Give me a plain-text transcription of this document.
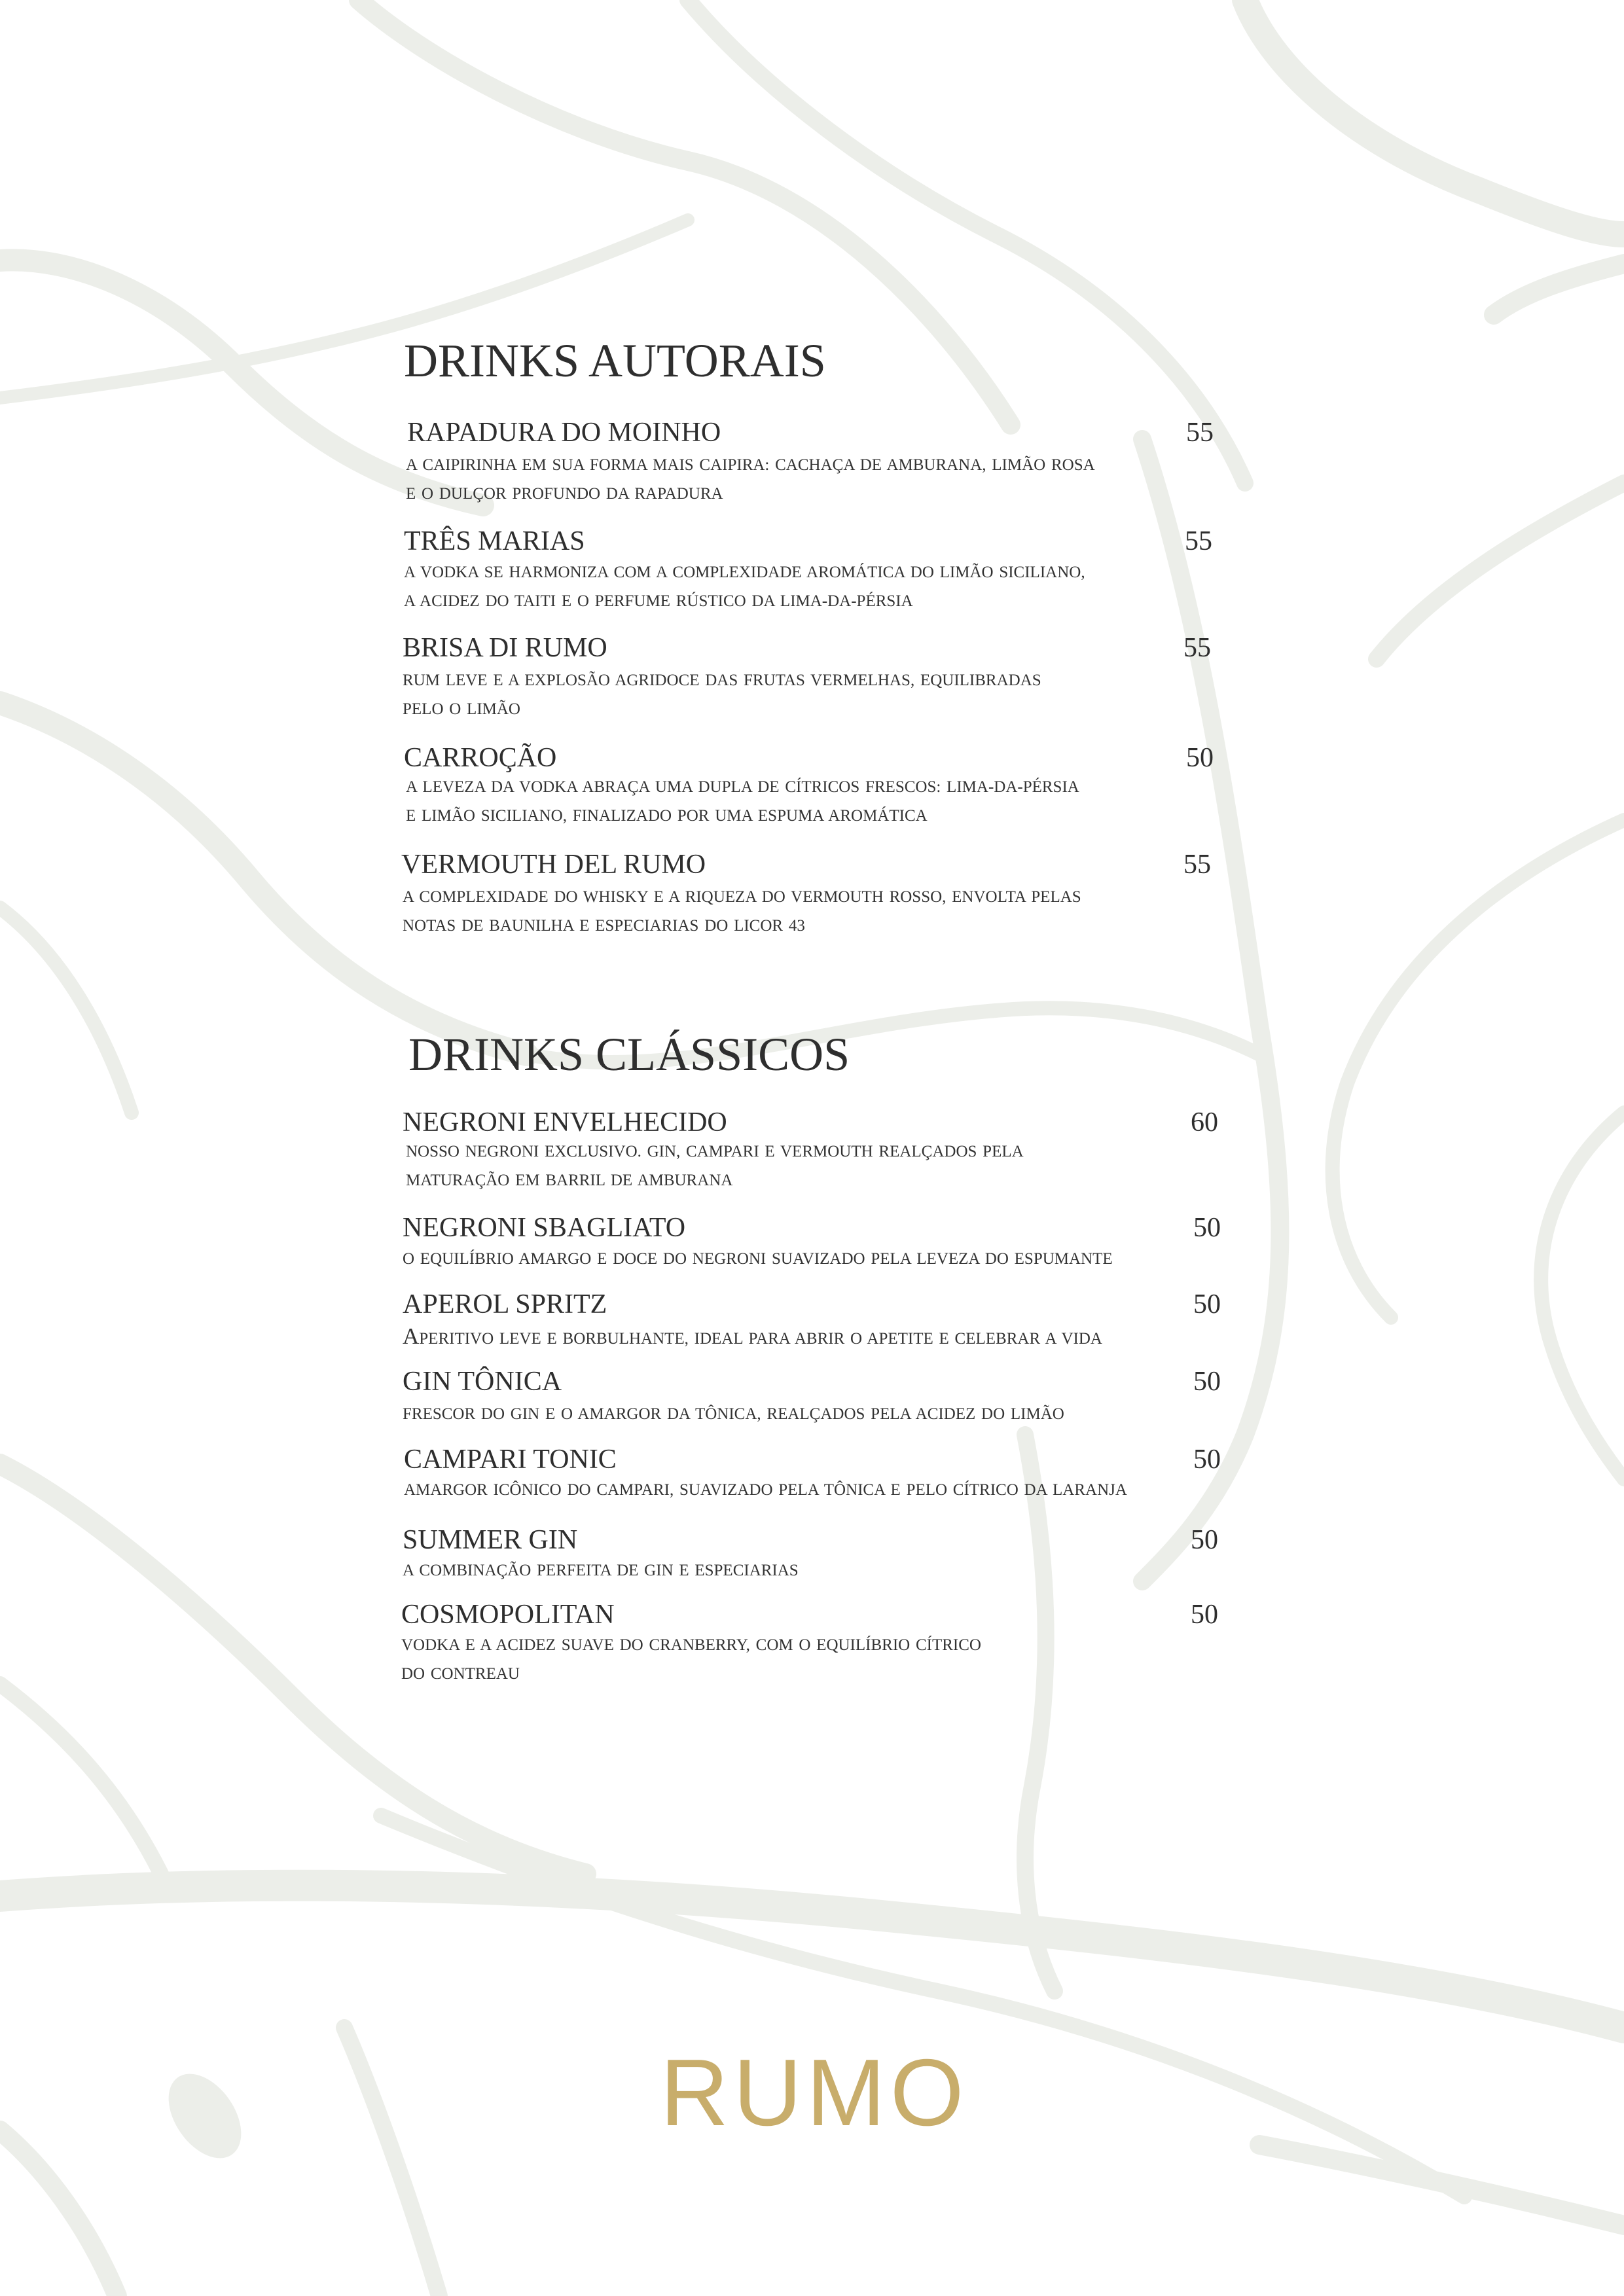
DRINKS AUTORAIS
RAPADURA DO MOINHO	55
A CAIPIRINHA EM SUA FORMA MAIS CAIPIRA: CACHAÇA DE AMBURANA, LIMÃO ROSA
E O DULÇOR PROFUNDO DA RAPADURA
TRÊS MARIAS	55
A VODKA SE HARMONIZA COM A COMPLEXIDADE AROMÁTICA DO LIMÃO SICILIANO,
A ACIDEZ DO TAITI E O PERFUME RÚSTICO DA LIMA-DA-PÉRSIA
BRISA DI RUMO	55
RUM LEVE E A EXPLOSÃO AGRIDOCE DAS FRUTAS VERMELHAS, EQUILIBRADAS
PELO O LIMÃO
CARROÇÃO	50
A LEVEZA DA VODKA ABRAÇA UMA DUPLA DE CÍTRICOS FRESCOS: LIMA-DA-PÉRSIA
E LIMÃO SICILIANO, FINALIZADO POR UMA ESPUMA AROMÁTICA
VERMOUTH DEL RUMO	55
A COMPLEXIDADE DO WHISKY E A RIQUEZA DO VERMOUTH ROSSO, ENVOLTA PELAS
NOTAS DE BAUNILHA E ESPECIARIAS DO LICOR 43
DRINKS CLÁSSICOS
NEGRONI ENVELHECIDO	60
NOSSO NEGRONI EXCLUSIVO. GIN, CAMPARI E VERMOUTH REALÇADOS PELA
MATURAÇÃO EM BARRIL DE AMBURANA
NEGRONI SBAGLIATO	50
O EQUILÍBRIO AMARGO E DOCE DO NEGRONI SUAVIZADO PELA LEVEZA DO ESPUMANTE
APEROL SPRITZ	50
APERITIVO LEVE E BORBULHANTE, IDEAL PARA ABRIR O APETITE E CELEBRAR A VIDA
GIN TÔNICA	50
FRESCOR DO GIN E O AMARGOR DA TÔNICA, REALÇADOS PELA ACIDEZ DO LIMÃO
CAMPARI TONIC	50
AMARGOR ICÔNICO DO CAMPARI, SUAVIZADO PELA TÔNICA E PELO CÍTRICO DA LARANJA
SUMMER GIN	50
A COMBINAÇÃO PERFEITA DE GIN E ESPECIARIAS
COSMOPOLITAN	50
VODKA E A ACIDEZ SUAVE DO CRANBERRY, COM O EQUILÍBRIO CÍTRICO
DO CONTREAU
RUMO
